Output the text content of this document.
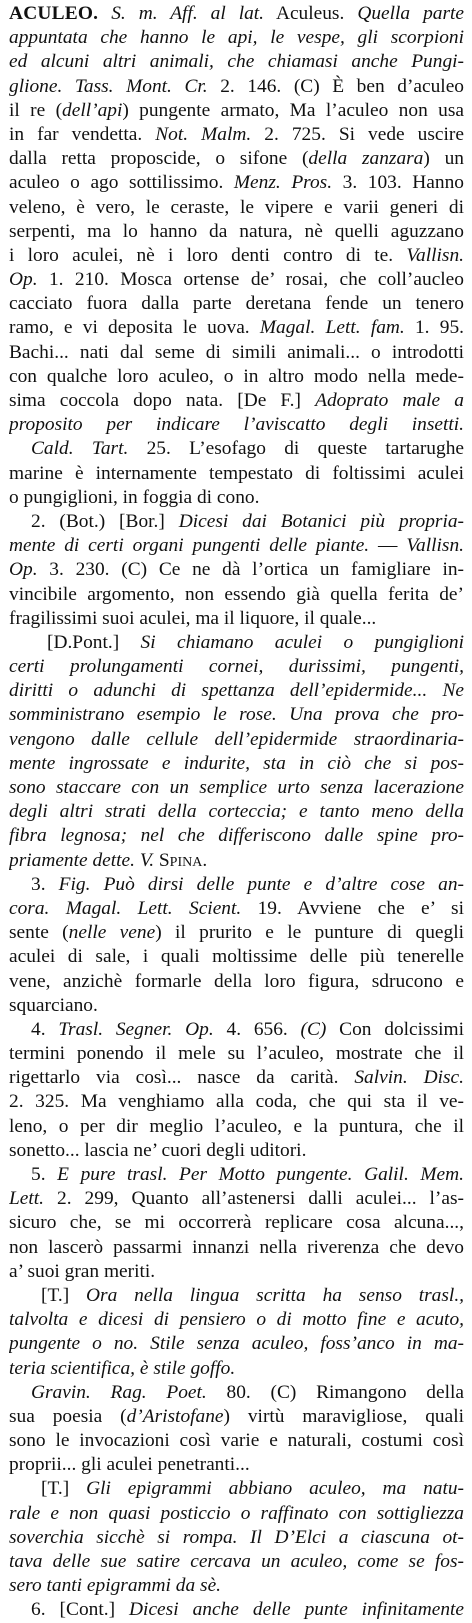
ACULEO. S. m. Aff. al lat. Aculeus. Quella parte
appuntata che hanno le api, le vespe, gli scorpioni
ed alcuni altri animali, che chiamasi anche Pungi-
glione. Tass. Mont. Cr. 2. 146. (C) È ben d’aculeo
il re (dell’api) pungente armato, Ma l’aculeo non usa
in far vendetta. Not. Malm. 2. 725. Si vede uscire
dalla retta proposcide, o sifone (della zanzara) un
aculeo o ago sottilissimo. Menz. Pros. 3. 103. Hanno
veleno, è vero, le ceraste, le vipere e varii generi di
serpenti, ma lo hanno da natura, nè quelli aguzzano
i loro aculei, nè i loro denti contro di te. Vallisn.
Op. 1. 210. Mosca ortense de’ rosai, che coll’aucleo
cacciato fuora dalla parte deretana fende un tenero
ramo, e vi deposita le uova. Magal. Lett. fam. 1. 95.
Bachi... nati dal seme di simili animali... o introdotti
con qualche loro aculeo, o in altro modo nella mede-
sima coccola dopo nata. [De F.] Adoprato male a
proposito per indicare l’aviscatto degli insetti.
Cald. Tart. 25. L’esofago di queste tartarughe
marine è internamente tempestato di foltissimi aculei
o pungiglioni, in foggia di cono.
2. (Bot.) [Bor.] Dicesi dai Botanici più propria-
mente di certi organi pungenti delle piante. — Vallisn.
Op. 3. 230. (C) Ce ne dà l’ortica un famigliare in-
vincibile argomento, non essendo già quella ferita de’
fragilissimi suoi aculei, ma il liquore, il quale...
[D.Pont.] Si chiamano aculei o pungiglioni
certi prolungamenti cornei, durissimi, pungenti,
diritti o adunchi di spettanza dell’epidermide... Ne
somministrano esempio le rose. Una prova che pro-
vengono dalle cellule dell’epidermide straordinaria-
mente ingrossate e indurite, sta in ciò che si pos-
sono staccare con un semplice urto senza lacerazione
degli altri strati della corteccia; e tanto meno della
fibra legnosa; nel che differiscono dalle spine pro-
priamente dette. V. Spina.
3. Fig. Può dirsi delle punte e d’altre cose an-
cora. Magal. Lett. Scient. 19. Avviene che e’ si
sente (nelle vene) il prurito e le punture di quegli
aculei di sale, i quali moltissime delle più tenerelle
vene, anzichè formarle della loro figura, sdrucono e
squarciano.
4. Trasl. Segner. Op. 4. 656. (C) Con dolcissimi
termini ponendo il mele su l’aculeo, mostrate che il
rigettarlo via così... nasce da carità. Salvin. Disc.
2. 325. Ma venghiamo alla coda, che qui sta il ve-
leno, o per dir meglio l’aculeo, e la puntura, che il
sonetto... lascia ne’ cuori degli uditori.
5. E pure trasl. Per Motto pungente. Galil. Mem.
Lett. 2. 299, Quanto all’astenersi dalli aculei... l’as-
sicuro che, se mi occorrerà replicare cosa alcuna...,
non lascerò passarmi innanzi nella riverenza che devo
a’ suoi gran meriti.
[T.] Ora nella lingua scritta ha senso trasl.,
talvolta e dicesi di pensiero o di motto fine e acuto,
pungente o no. Stile senza aculeo, foss’anco in ma-
teria scientifica, è stile goffo.
Gravin. Rag. Poet. 80. (C) Rimangono della
sua poesia (d’Aristofane) virtù maravigliose, quali
sono le invocazioni così varie e naturali, costumi così
proprii... gli aculei penetranti...
[T.] Gli epigrammi abbiano aculeo, ma natu-
rale e non quasi posticcio o raffinato con sottigliezza
soverchia sicchè si rompa. Il D’Elci a ciascuna ot-
tava delle sue satire cercava un aculeo, come se fos-
sero tanti epigrammi da sè.
6. [Cont.] Dicesi anche delle punte infinitamente
